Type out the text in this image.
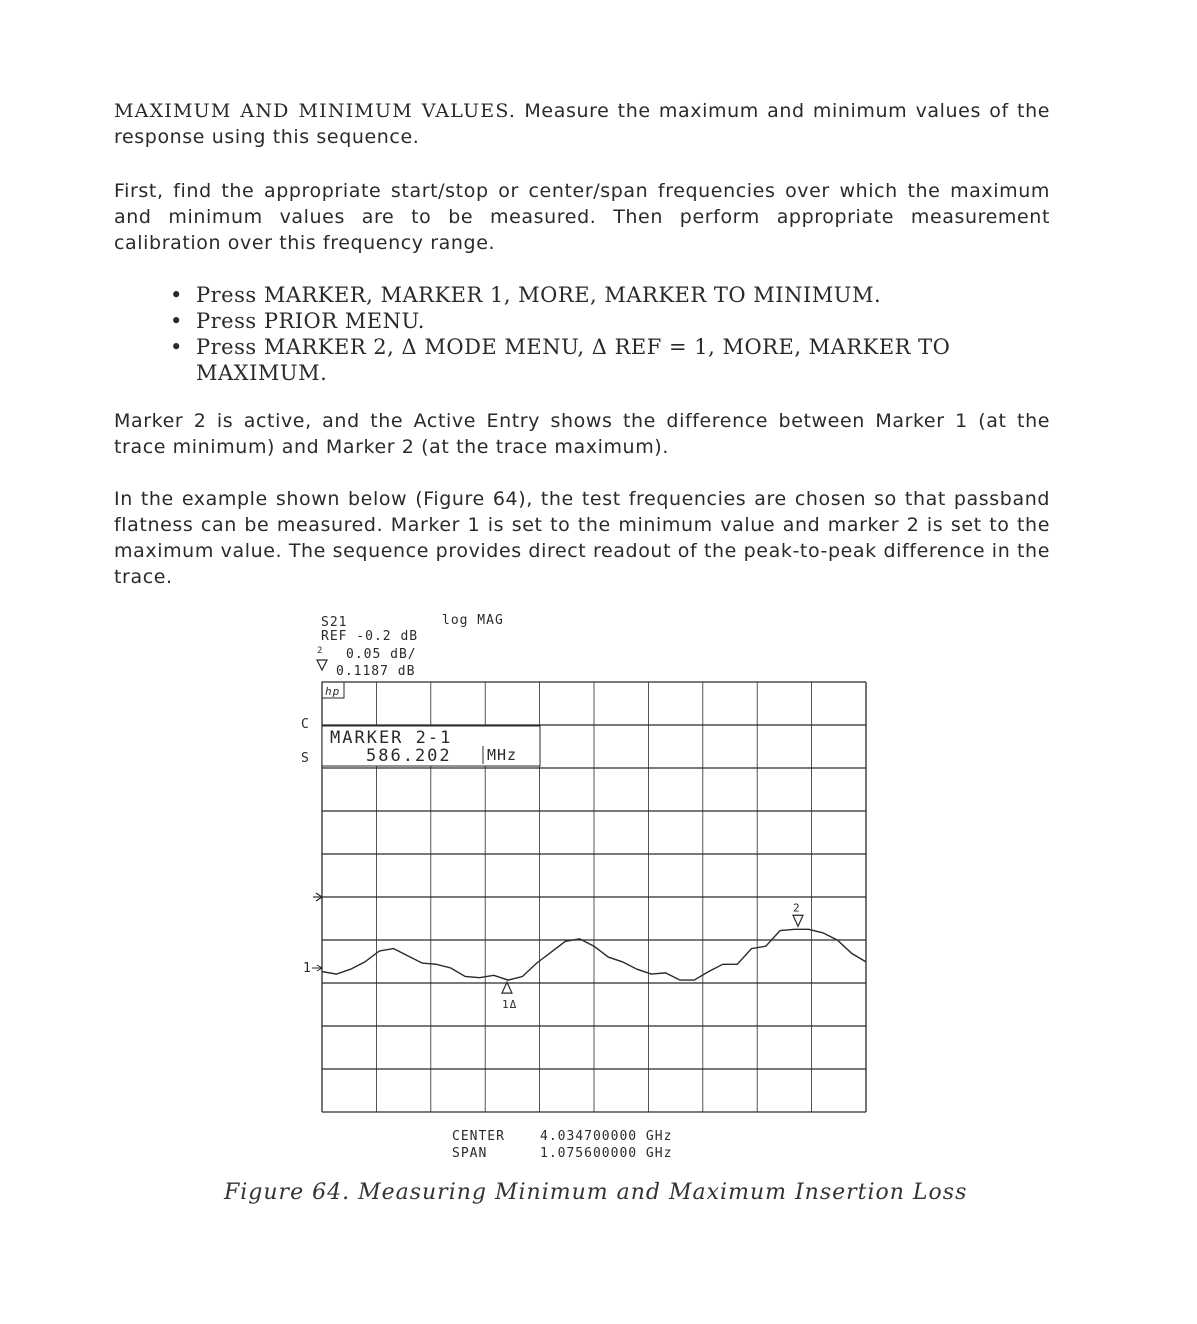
MAXIMUM AND MINIMUM VALUES. Measure the maximum and minimum values of the response using this sequence.

First, find the appropriate start/stop or center/span frequencies over which the maximum and minimum values are to be measured. Then perform appropriate measurement calibration over this frequency range.

• Press MARKER, MARKER 1, MORE, MARKER TO MINIMUM.
• Press PRIOR MENU.
• Press MARKER 2, Δ MODE MENU, Δ REF = 1, MORE, MARKER TO MAXIMUM.

Marker 2 is active, and the Active Entry shows the difference between Marker 1 (at the trace minimum) and Marker 2 (at the trace maximum).

In the example shown below (Figure 64), the test frequencies are chosen so that passband flatness can be measured. Marker 1 is set to the minimum value and marker 2 is set to the maximum value. The sequence provides direct readout of the peak-to-peak difference in the trace.

S21	log MAG
REF -0.2 dB
0.05 dB/
0.1187 dB
2
C
S
hp
MARKER 2-1
586.202 MHz
1
1Δ
2
CENTER	4.034700000 GHz
SPAN	1.075600000 GHz
Figure 64. Measuring Minimum and Maximum Insertion Loss
